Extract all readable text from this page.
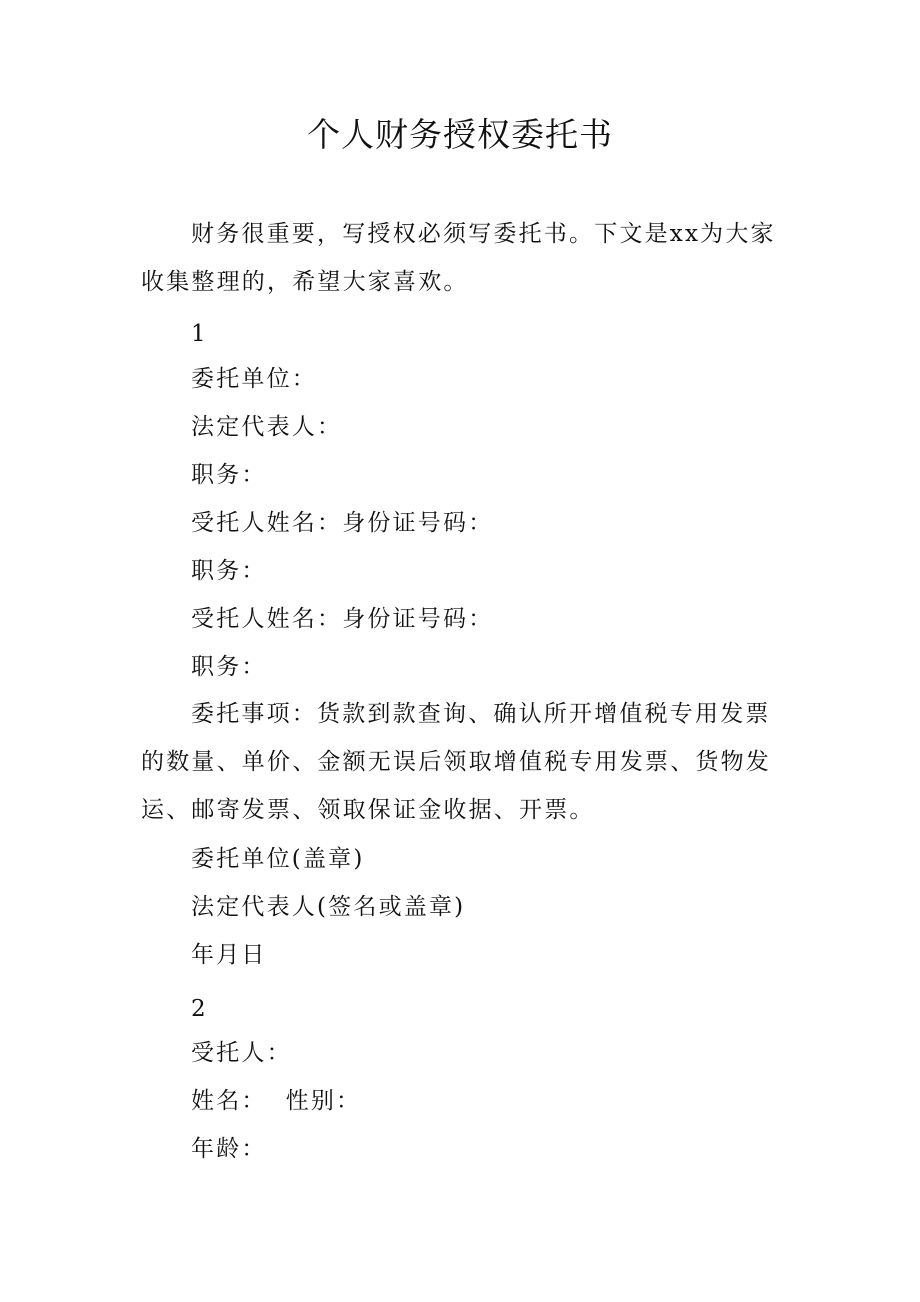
个人财务授权委托书

财务很重要，写授权必须写委托书。下文是xx为大家收集整理的，希望大家喜欢。

1
委托单位：
法定代表人：
职务：
受托人姓名：身份证号码：
职务：
受托人姓名：身份证号码：
职务：

委托事项：货款到款查询、确认所开增值税专用发票的数量、单价、金额无误后领取增值税专用发票、货物发运、邮寄发票、领取保证金收据、开票。

委托单位(盖章)
法定代表人(签名或盖章)
年月日
2
受托人：
姓名：  性别：
年龄：
